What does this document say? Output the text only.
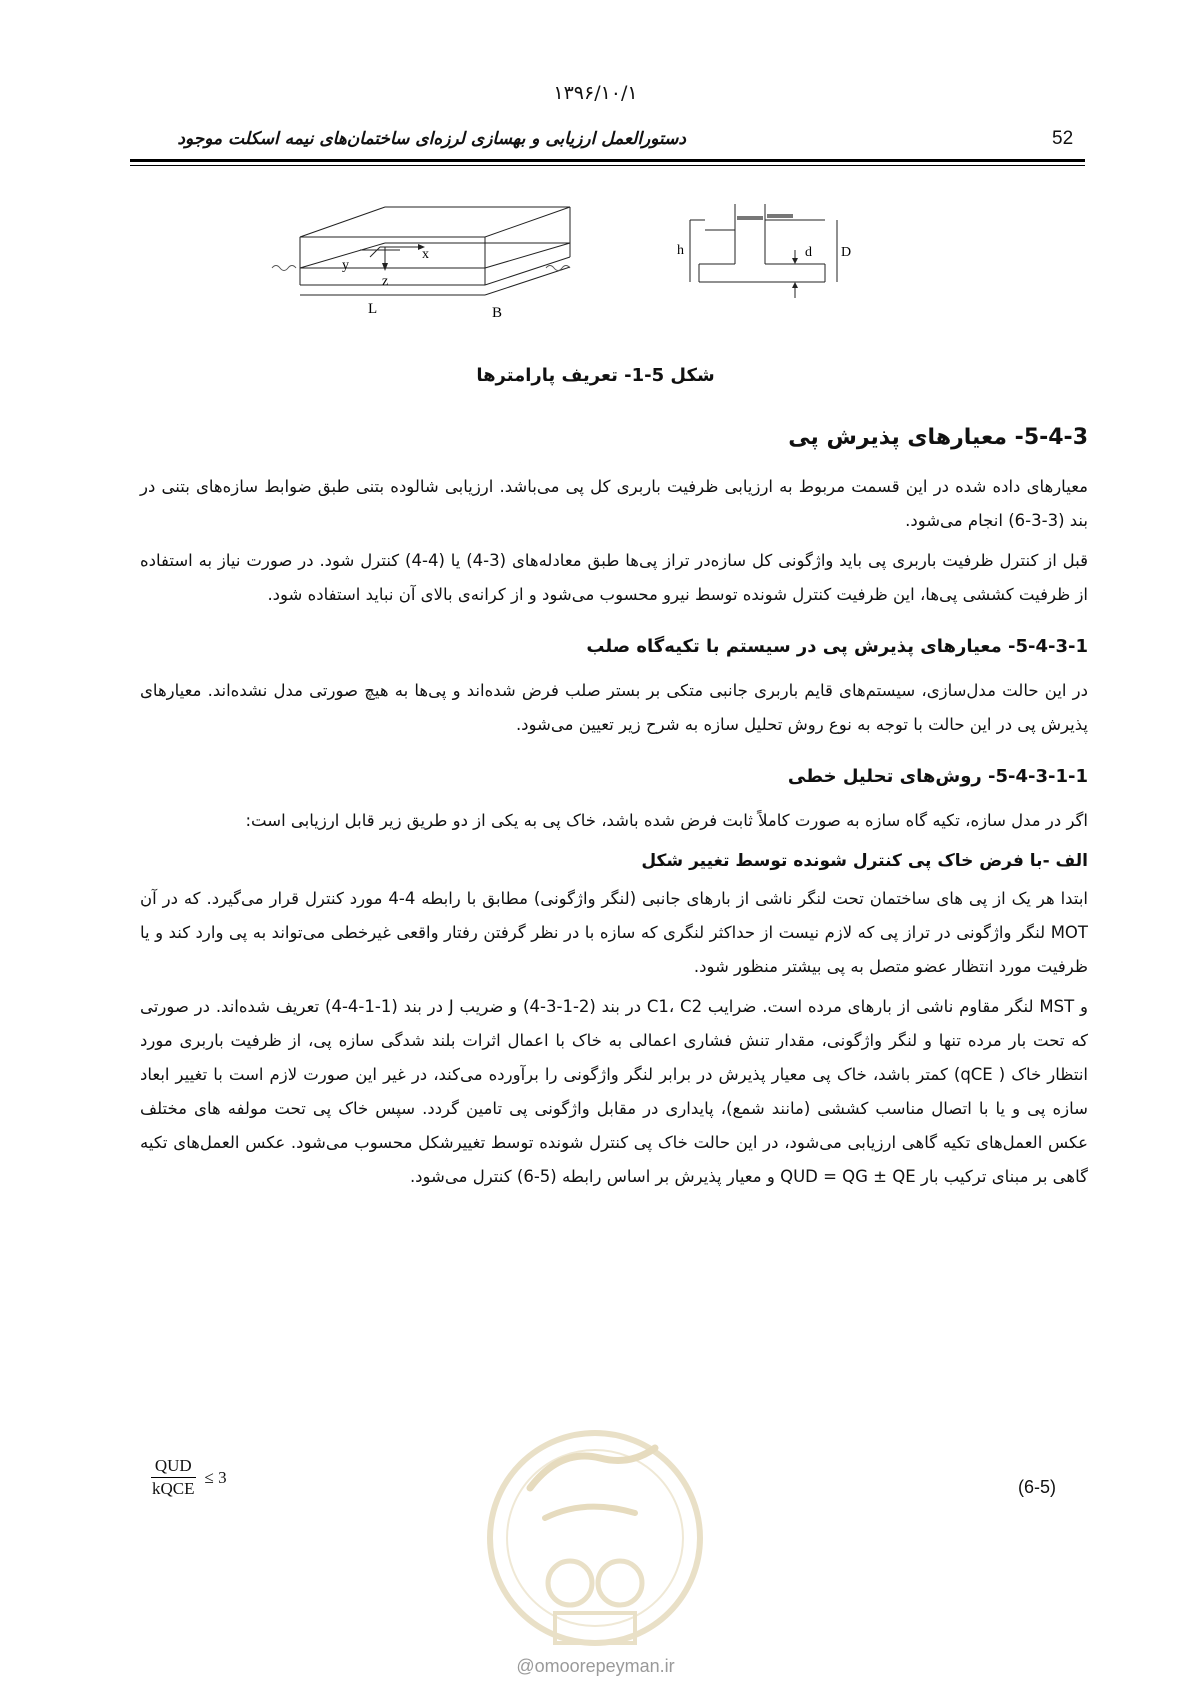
۱۳۹۶/۱۰/۱
52
دستورالعمل ارزیابی و بهسازی لرزه‌ای ساختمان‌های نیمه اسکلت موجود
x
y
z
L	B
h	d D
شکل 5-1- تعریف پارامترها
5-4-3- معیارهای پذیرش پی

معیارهای داده شده در این قسمت مربوط به ارزیابی ظرفیت باربری کل پی می‌باشد. ارزیابی شالوده بتنی طبق ضوابط سازه‌های بتنی در بند (3-3-6) انجام می‌شود.

قبل از کنترل ظرفیت باربری پی باید واژگونی کل سازه‌در تراز پی‌ها طبق معادله‌های (3-4) یا (4-4) کنترل شود. در صورت نیاز به استفاده از ظرفیت کششی پی‌ها، این ظرفیت کنترل شونده توسط نیرو محسوب می‌شود و از کرانه‌ی بالای آن نباید استفاده شود.

5-4-3-1- معیارهای پذیرش پی در سیستم با تکیه‌گاه صلب

در این حالت مدل‌سازی، سیستم‌های قایم باربری جانبی متکی بر بستر صلب فرض شده‌اند و پی‌ها به هیچ صورتی مدل نشده‌اند. معیارهای پذیرش پی در این حالت با توجه به نوع روش تحلیل سازه به شرح زیر تعیین می‌شود.

5-4-3-1-1- روش‌های تحلیل خطی

اگر در مدل سازه، تکیه گاه سازه به صورت کاملاً ثابت فرض شده باشد، خاک پی به یکی از دو طریق زیر قابل ارزیابی است:

الف -با فرض خاک پی کنترل شونده توسط تغییر شکل

ابتدا هر یک از پی های ساختمان تحت لنگر ناشی از بارهای جانبی (لنگر واژگونی) مطابق با رابطه 4-4 مورد کنترل قرار می‌گیرد. که در آن MOT لنگر واژگونی در تراز پی که لازم نیست از حداکثر لنگری که سازه با در نظر گرفتن رفتار واقعی غیرخطی می‌تواند به پی وارد کند و یا ظرفیت مورد انتظار عضو متصل به پی بیشتر منظور شود.

و MST لنگر مقاوم ناشی از بارهای مرده است. ضرایب C1، C2 در بند (2-1-3-4) و ضریب J در بند (1-1-4-4) تعریف شده‌اند. در صورتی که تحت بار مرده تنها و لنگر واژگونی، مقدار تنش فشاری اعمالی به خاک با اعمال اثرات بلند شدگی سازه پی، از ظرفیت باربری مورد انتظار خاک ( qCE) کمتر باشد، خاک پی معیار پذیرش در برابر لنگر واژگونی را برآورده می‌کند، در غیر این صورت لازم است با تغییر ابعاد سازه پی و یا با اتصال مناسب کششی (مانند شمع)، پایداری در مقابل واژگونی پی تامین گردد. سپس خاک پی تحت مولفه های مختلف عکس العمل‌های تکیه گاهی ارزیابی می‌شود، در این حالت خاک پی کنترل شونده توسط تغییرشکل محسوب می‌شود. عکس العمل‌های تکیه گاهی بر مبنای ترکیب بار QUD = QG ± QE و معیار پذیرش بر اساس رابطه (5-6) کنترل می‌شود.

$\frac{\text{QUD}}{\text{kQCE}} \le 3$	(6-5)
@omoorepeyman.ir
